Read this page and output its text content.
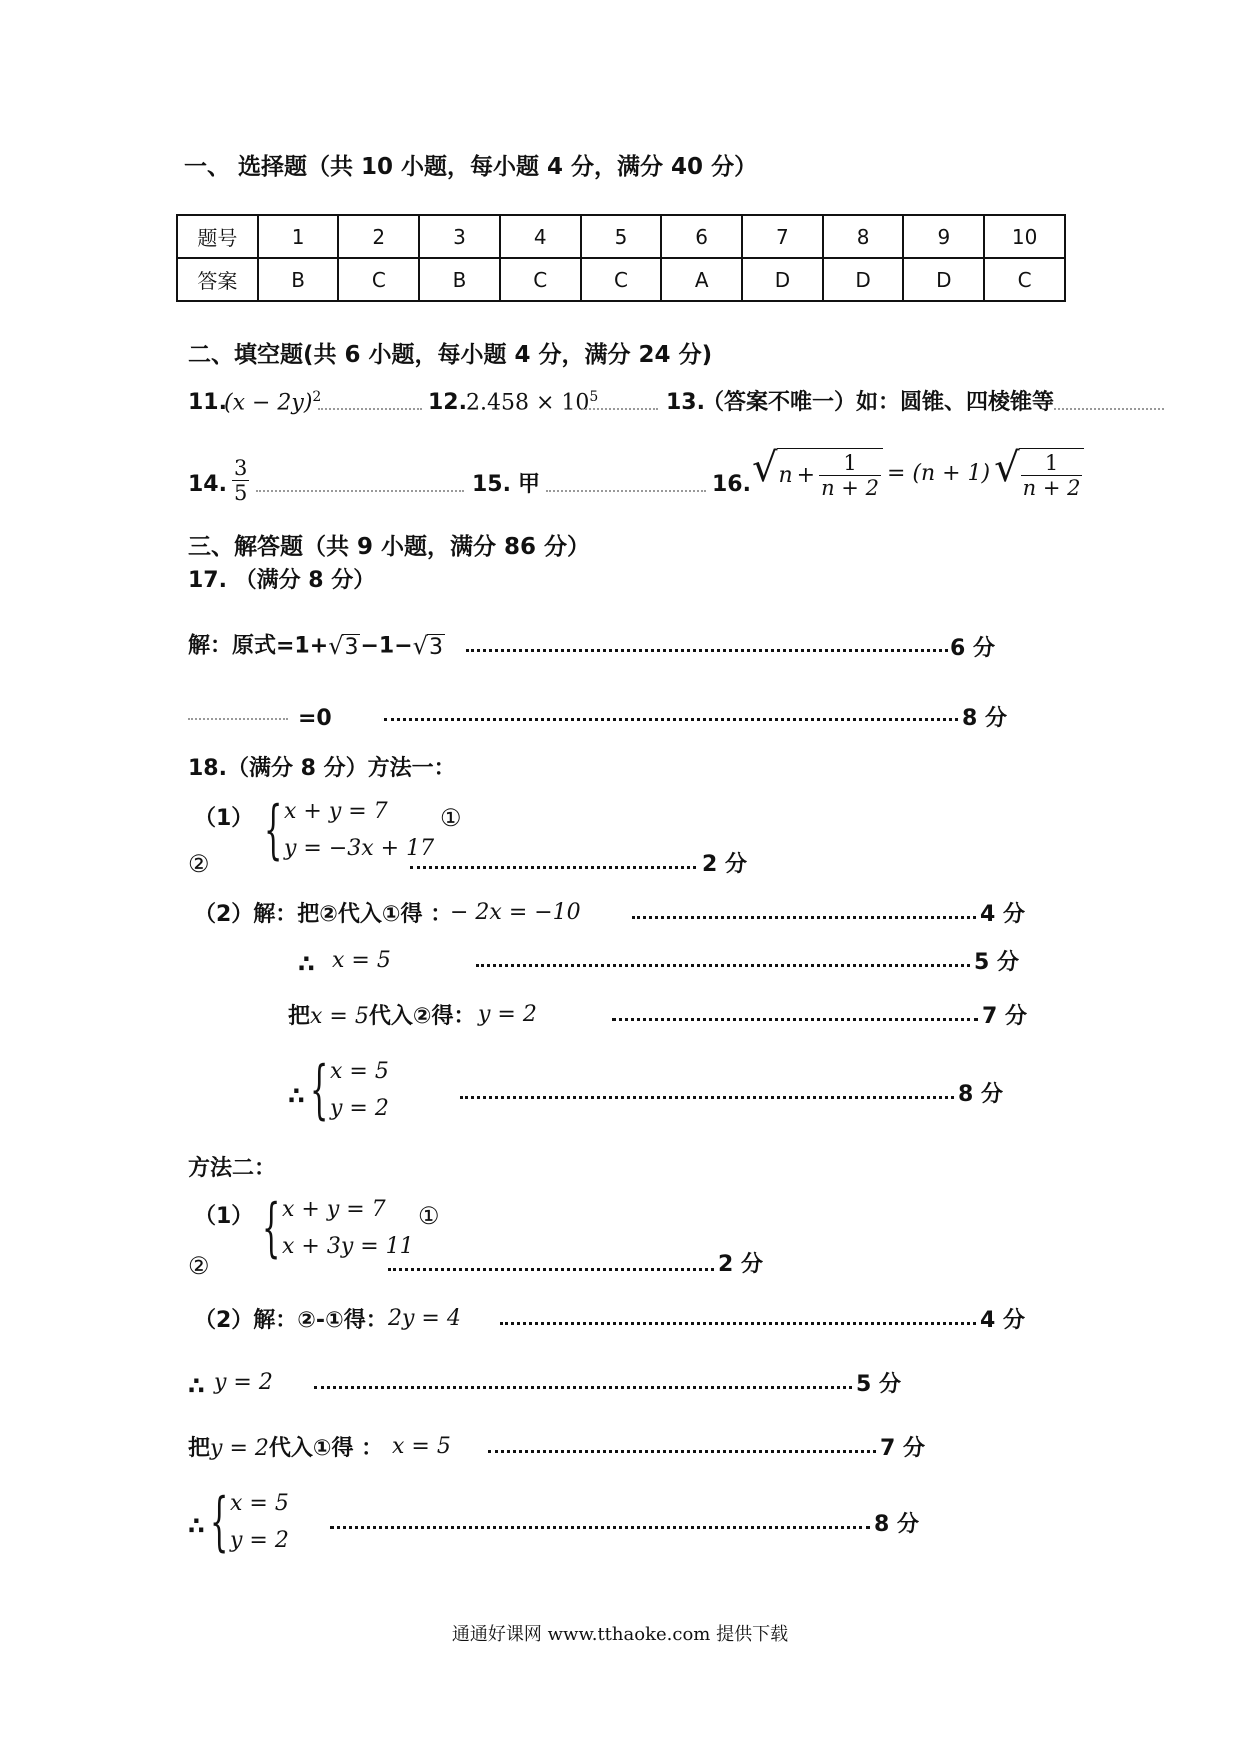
一、 选择题（共 10 小题，每小题 4 分，满分 40 分）
题号	1	2	3	4	5	6	7	8	9	10
答案	B	C	B	C	C	A	D	D	D	C
二、填空题(共 6 小题，每小题 4 分，满分 24 分)
11.
$(x - 2y)^2$	12. $2.458 \times 10^5$	13.
（答案不唯一）如：圆锥、四棱锥等
14. $\frac{3}{5}$	15. 甲	16. √ $n + \frac{1}{n + 2} = (n + 1)$ √ $\frac{1}{n + 2}$
三、解答题（共 9 小题，满分 86 分）
17. （满分 8 分）
解：原式=1+ √ 3 −1− √ 3	6 分
=0	8 分
18.（满分 8 分）方法一：
（1） { x + y = 7
y = −3x + 17
①
②	2 分
（2）解：把②代入①得 ：
− 2x = −10	4 分
∴ x = 5	5 分
把x = 5代入②得： y = 2	7 分
∴ { x = 5
y = 2
8 分
方法二：
（1） { x + y = 7
x + 3y = 11
①
②	2 分
（2）解：②-①得： 2y = 4	4 分
∴ y = 2	5 分
把y = 2代入①得 ： x = 5	7 分
∴ { x = 5
y = 2
8 分
通通好课网 www.tthaoke.com 提供下载
